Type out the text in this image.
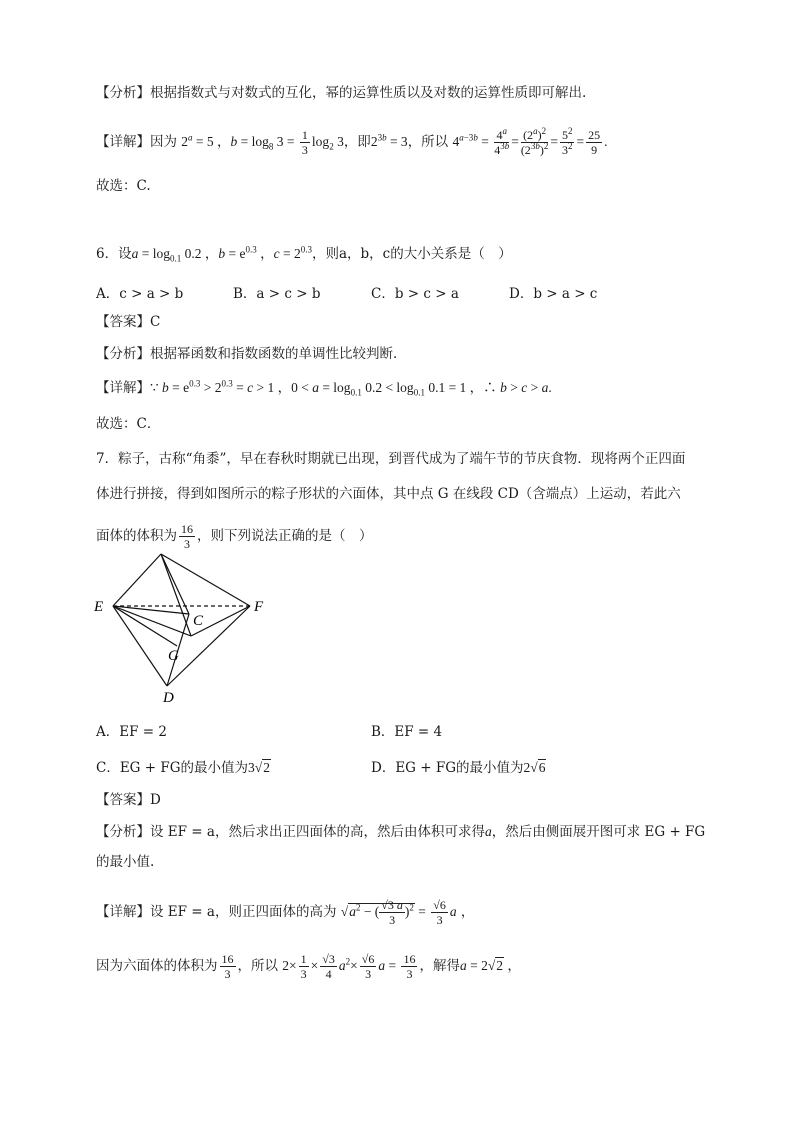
【分析】根据指数式与对数式的互化，幂的运算性质以及对数的运算性质即可解出.
【详解】因为 $2^a = 5$ ，$b = \log_8 3 = \frac{1}{3} \log_2 3$，即$2^{3b} = 3$，所以 $4^{a-3b} = \frac{4^a}{4^{3b}} = \frac{(2^a)^2}{(2^{3b})^2} = \frac{5^2}{3^2} = \frac{25}{9}$ .
故选：C.
6．设$a = \log_{0.1} 0.2$ ，$b = e^{0.3}$ ，$c = 2^{0.3}$，则a，b，c的大小关系是（　）
A．c > a > b	B．a > c > b	C．b > c > a	D．b > a > c
【答案】C
【分析】根据幂函数和指数函数的单调性比较判断．
【详解】∵ $b = e^{0.3} > 2^{0.3} = c > 1$ ，$0 < a = \log_{0.1} 0.2 < \log_{0.1} 0.1 = 1$ ，∴ b > c > a.
故选：C．
7．粽子，古称“角黍”，早在春秋时期就已出现，到晋代成为了端午节的节庆食物．现将两个正四面
体进行拼接，得到如图所示的粽子形状的六面体，其中点 G 在线段 CD（含端点）上运动，若此六
面体的体积为 $\frac{16}{3}$ ，则下列说法正确的是（　）
E	F
C
G
D
A．EF = 2	B．EF = 4
C．EG + FG的最小值为3√2	D．EG + FG的最小值为2√6
【答案】D
【分析】设 EF = a，然后求出正四面体的高，然后由体积可求得a，然后由侧面展开图可求 EG + FG
的最小值.
【详解】设 EF = a，则正四面体的高为 $√a^2$ − ( $\frac{√3 a}{3} )^2 = \frac{√6}{3}$ a ，
因为六面体的体积为 $\frac{16}{3}$ ，所以 $2\times \frac{1}{3} \times \frac{√3}{4} a^2\times \frac{√6}{3}$ $a = \frac{16}{3}$ ，解得a = 2√2 ，
